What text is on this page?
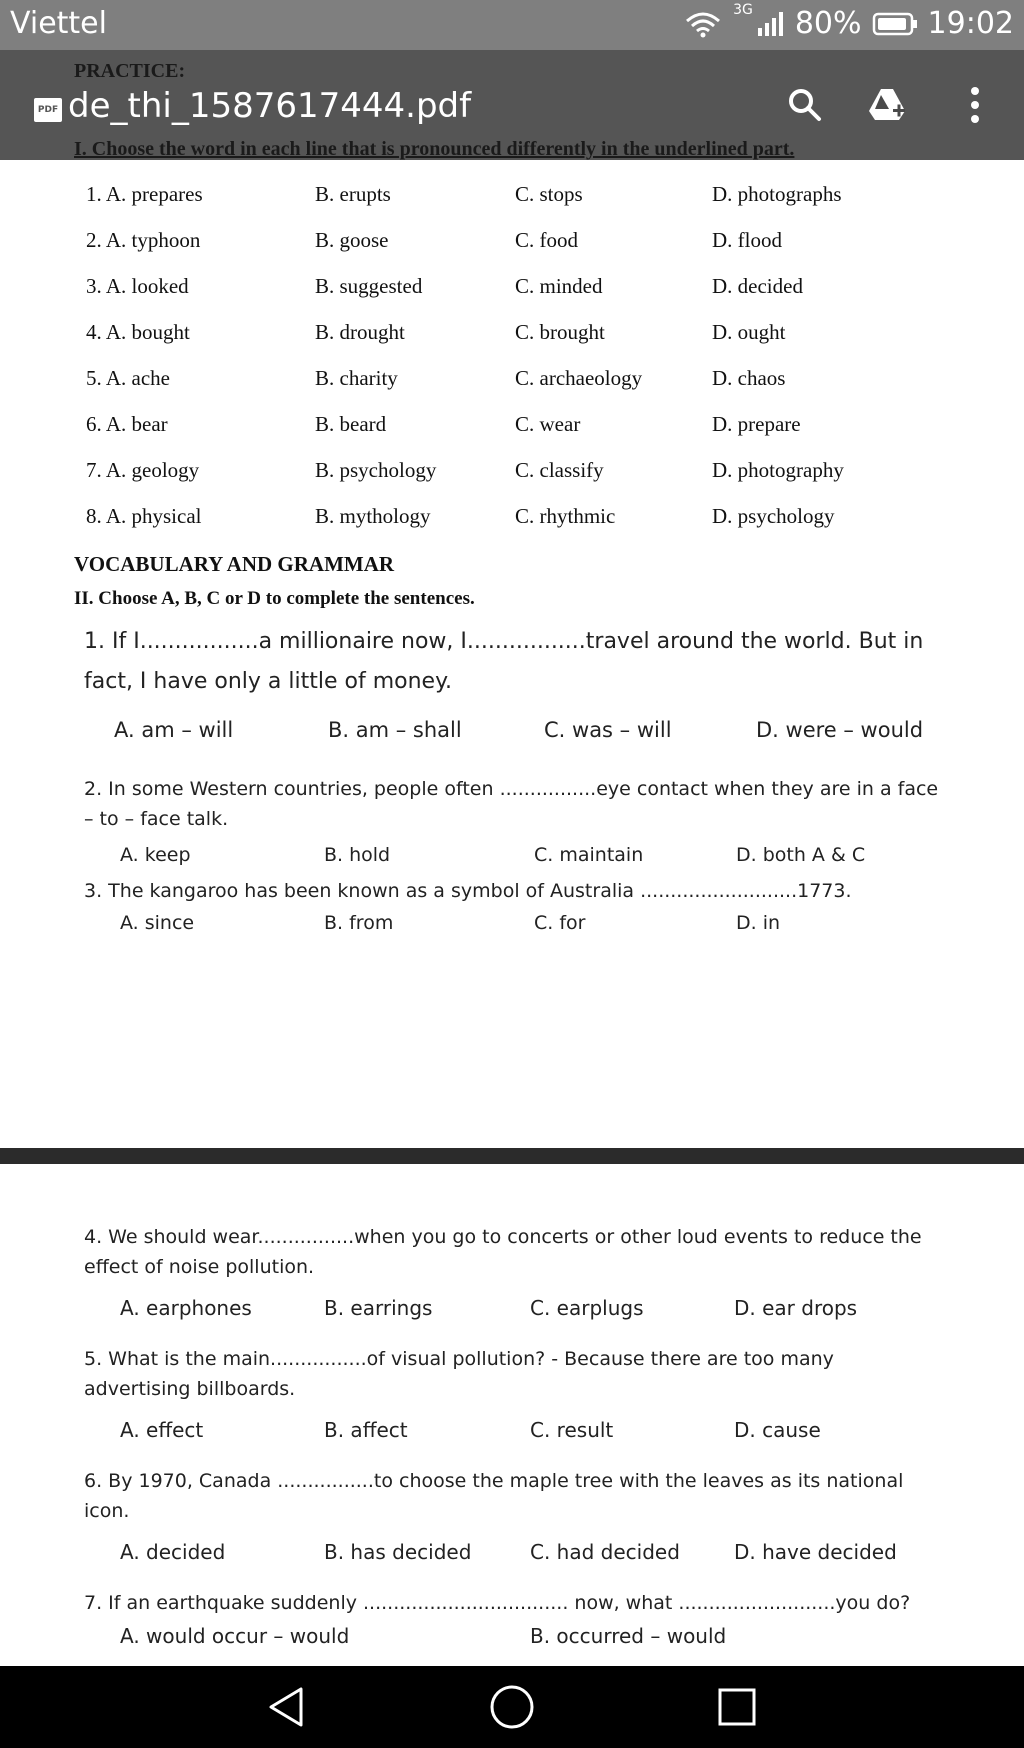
Viettel	3G 80% 19:02
1. A. prepares	B. erupts	C. stops	D. photographs
2. A. typhoon	B. goose	C. food	D. flood
3. A. looked	B. suggested	C. minded	D. decided
4. A. bought	B. drought	C. brought	D. ought
5. A. ache	B. charity	C. archaeology	D. chaos
6. A. bear	B. beard	C. wear	D. prepare
7. A. geology	B. psychology	C. classify	D. photography
8. A. physical	B. mythology	C. rhythmic	D. psychology
VOCABULARY AND GRAMMAR
II. Choose A, B, C or D to complete the sentences.
1. If I.................a millionaire now, I.................travel around the world. But in fact, I have only a little of money.
A. am – will	B. am – shall	C. was – will	D. were – would
2. In some Western countries, people often ................eye contact when they are in a face – to – face talk.
A. keep	B. hold	C. maintain	D. both A & C
3. The kangaroo has been known as a symbol of Australia ..........................1773.
A. since	B. from	C. for	D. in
4. We should wear................when you go to concerts or other loud events to reduce the effect of noise pollution.
A. earphones	B. earrings	C. earplugs	D. ear drops
5. What is the main................of visual pollution? - Because there are too many advertising billboards.
A. effect	B. affect	C. result	D. cause
6. By 1970, Canada ................to choose the maple tree with the leaves as its national icon.
A. decided	B. has decided	C. had decided	D. have decided
7. If an earthquake suddenly .................................. now, what ..........................you do?
A. would occur – would	B. occurred – would
PRACTICE:
I. Choose the word in each line that is pronounced differently in the underlined part.
PDF de_thi_1587617444.pdf
